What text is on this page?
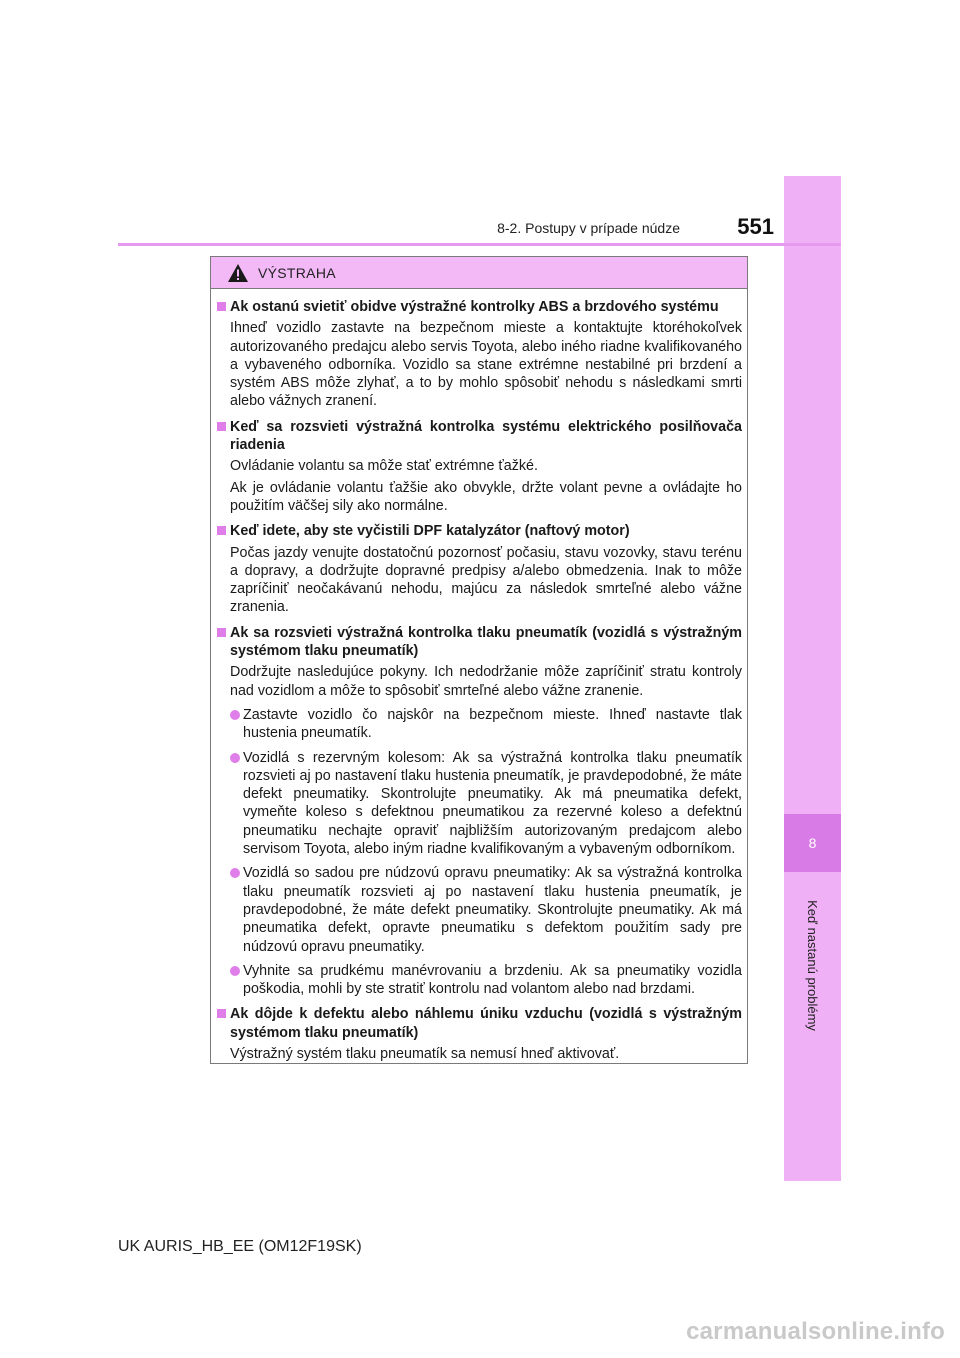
8
Keď nastanú problémy
8-2. Postupy v prípade núdze	551
VÝSTRAHA
Ak ostanú svietiť obidve výstražné kontrolky ABS a brzdového systému
Ihneď vozidlo zastavte na bezpečnom mieste a kontaktujte ktoréhokoľvek autorizovaného predajcu alebo servis Toyota, alebo iného riadne kvalifikovaného a vybaveného odborníka. Vozidlo sa stane extrémne nestabilné pri brzdení a systém ABS môže zlyhať, a to by mohlo spôsobiť nehodu s následkami smrti alebo vážnych zranení.
Keď sa rozsvieti výstražná kontrolka systému elektrického posilňovača riadenia
Ovládanie volantu sa môže stať extrémne ťažké.
Ak je ovládanie volantu ťažšie ako obvykle, držte volant pevne a ovládajte ho použitím väčšej sily ako normálne.
Keď idete, aby ste vyčistili DPF katalyzátor (naftový motor)
Počas jazdy venujte dostatočnú pozornosť počasiu, stavu vozovky, stavu terénu a dopravy, a dodržujte dopravné predpisy a/alebo obmedzenia. Inak to môže zapríčiniť neočakávanú nehodu, majúcu za následok smrteľné alebo vážne zranenia.
Ak sa rozsvieti výstražná kontrolka tlaku pneumatík (vozidlá s výstražným systémom tlaku pneumatík)
Dodržujte nasledujúce pokyny. Ich nedodržanie môže zapríčiniť stratu kontroly nad vozidlom a môže to spôsobiť smrteľné alebo vážne zranenie.
Zastavte vozidlo čo najskôr na bezpečnom mieste. Ihneď nastavte tlak hustenia pneumatík.
Vozidlá s rezervným kolesom: Ak sa výstražná kontrolka tlaku pneumatík rozsvieti aj po nastavení tlaku hustenia pneumatík, je pravdepodobné, že máte defekt pneumatiky. Skontrolujte pneumatiky. Ak má pneumatika defekt, vymeňte koleso s defektnou pneumatikou za rezervné koleso a defektnú pneumatiku nechajte opraviť najbližším autorizovaným predajcom alebo servisom Toyota, alebo iným riadne kvalifikovaným a vybaveným odborníkom.
Vozidlá so sadou pre núdzovú opravu pneumatiky: Ak sa výstražná kontrolka tlaku pneumatík rozsvieti aj po nastavení tlaku hustenia pneumatík, je pravdepodobné, že máte defekt pneumatiky. Skontrolujte pneumatiky. Ak má pneumatika defekt, opravte pneumatiku s defektom použitím sady pre núdzovú opravu pneumatiky.
Vyhnite sa prudkému manévrovaniu a brzdeniu. Ak sa pneumatiky vozidla poškodia, mohli by ste stratiť kontrolu nad volantom alebo nad brzdami.
Ak dôjde k defektu alebo náhlemu úniku vzduchu (vozidlá s výstražným systémom tlaku pneumatík)
Výstražný systém tlaku pneumatík sa nemusí hneď aktivovať.
UK AURIS_HB_EE (OM12F19SK)
carmanualsonline.info
